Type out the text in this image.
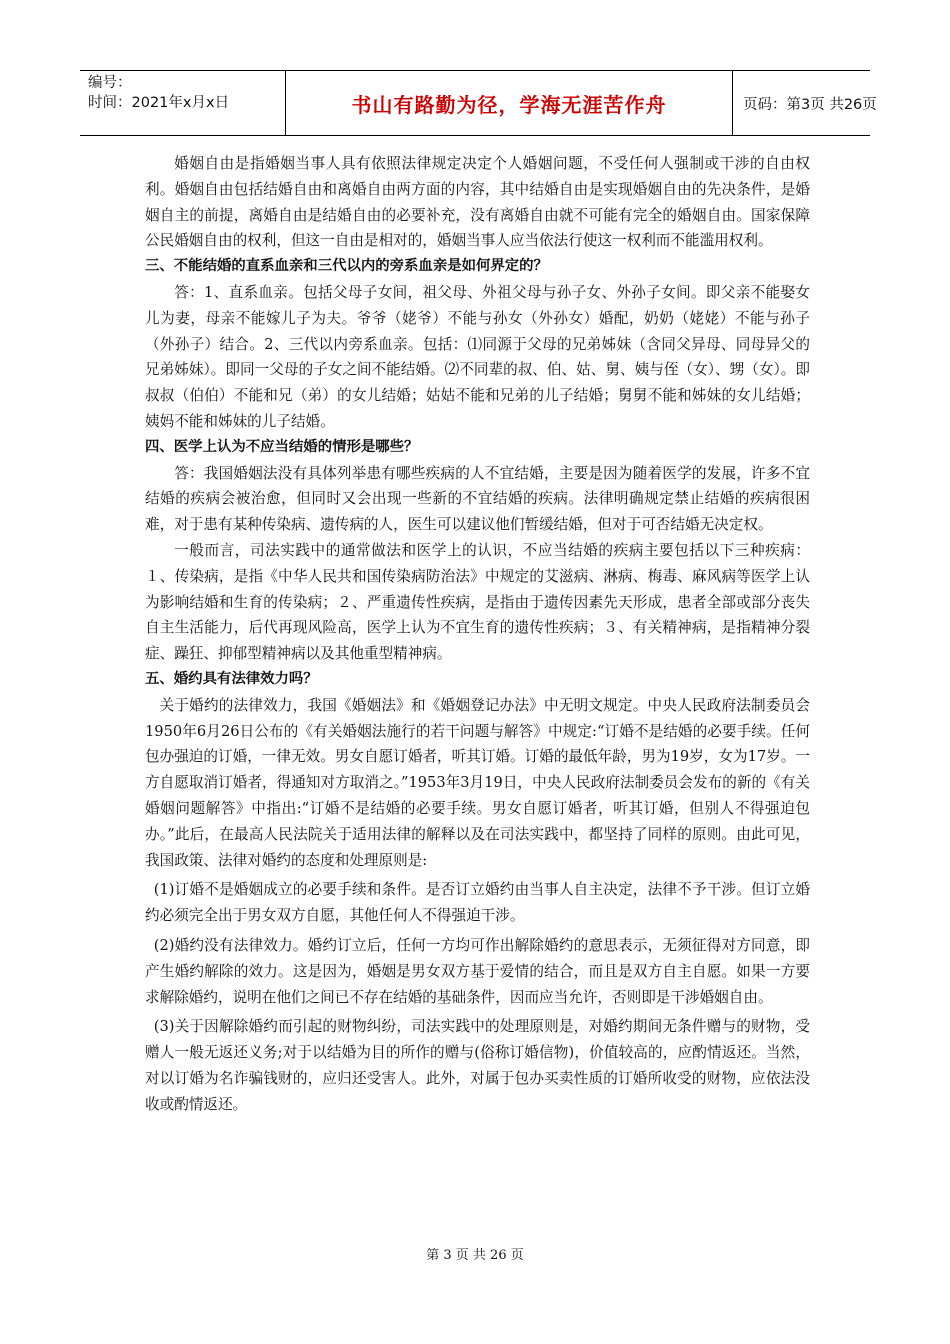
编号：
时间：2021年x月x日	书山有路勤为径，学海无涯苦作舟	页码：第3页 共26页

婚姻自由是指婚姻当事人具有依照法律规定决定个人婚姻问题，不受任何人强制或干涉的自由权利。婚姻自由包括结婚自由和离婚自由两方面的内容，其中结婚自由是实现婚姻自由的先决条件，是婚姻自主的前提，离婚自由是结婚自由的必要补充，没有离婚自由就不可能有完全的婚姻自由。国家保障公民婚姻自由的权利，但这一自由是相对的，婚姻当事人应当依法行使这一权利而不能滥用权利。

三、不能结婚的直系血亲和三代以内的旁系血亲是如何界定的？

答：1、直系血亲。包括父母子女间，祖父母、外祖父母与孙子女、外孙子女间。即父亲不能娶女儿为妻，母亲不能嫁儿子为夫。爷爷（姥爷）不能与孙女（外孙女）婚配，奶奶（姥姥）不能与孙子（外孙子）结合。2、三代以内旁系血亲。包括：⑴同源于父母的兄弟姊妹（含同父异母、同母异父的兄弟姊妹）。即同一父母的子女之间不能结婚。⑵不同辈的叔、伯、姑、舅、姨与侄（女）、甥（女）。即叔叔（伯伯）不能和兄（弟）的女儿结婚；姑姑不能和兄弟的儿子结婚；舅舅不能和姊妹的女儿结婚；姨妈不能和姊妹的儿子结婚。

四、医学上认为不应当结婚的情形是哪些？

答：我国婚姻法没有具体列举患有哪些疾病的人不宜结婚，主要是因为随着医学的发展，许多不宜结婚的疾病会被治愈，但同时又会出现一些新的不宜结婚的疾病。法律明确规定禁止结婚的疾病很困难，对于患有某种传染病、遗传病的人，医生可以建议他们暂缓结婚，但对于可否结婚无决定权。

一般而言，司法实践中的通常做法和医学上的认识，不应当结婚的疾病主要包括以下三种疾病：１、传染病，是指《中华人民共和国传染病防治法》中规定的艾滋病、淋病、梅毒、麻风病等医学上认为影响结婚和生育的传染病；２、严重遗传性疾病，是指由于遗传因素先天形成，患者全部或部分丧失自主生活能力，后代再现风险高，医学上认为不宜生育的遗传性疾病；３、有关精神病，是指精神分裂症、躁狂、抑郁型精神病以及其他重型精神病。

五、婚约具有法律效力吗？

关于婚约的法律效力，我国《婚姻法》和《婚姻登记办法》中无明文规定。中央人民政府法制委员会1950年6月26日公布的《有关婚姻法施行的若干问题与解答》中规定:“订婚不是结婚的必要手续。任何包办强迫的订婚，一律无效。男女自愿订婚者，听其订婚。订婚的最低年龄，男为19岁，女为17岁。一方自愿取消订婚者，得通知对方取消之。”1953年3月19日，中央人民政府法制委员会发布的新的《有关婚姻问题解答》中指出:“订婚不是结婚的必要手续。男女自愿订婚者，听其订婚，但别人不得强迫包办。”此后，在最高人民法院关于适用法律的解释以及在司法实践中，都坚持了同样的原则。由此可见，我国政策、法律对婚约的态度和处理原则是:

(1)订婚不是婚姻成立的必要手续和条件。是否订立婚约由当事人自主决定，法律不予干涉。但订立婚约必须完全出于男女双方自愿，其他任何人不得强迫干涉。

(2)婚约没有法律效力。婚约订立后，任何一方均可作出解除婚约的意思表示，无须征得对方同意，即产生婚约解除的效力。这是因为，婚姻是男女双方基于爱情的结合，而且是双方自主自愿。如果一方要求解除婚约，说明在他们之间已不存在结婚的基础条件，因而应当允许，否则即是干涉婚姻自由。

(3)关于因解除婚约而引起的财物纠纷，司法实践中的处理原则是，对婚约期间无条件赠与的财物，受赠人一般无返还义务;对于以结婚为目的所作的赠与(俗称订婚信物)，价值较高的，应酌情返还。当然，对以订婚为名诈骗钱财的，应归还受害人。此外，对属于包办买卖性质的订婚所收受的财物，应依法没收或酌情返还。

第 3 页 共 26 页
